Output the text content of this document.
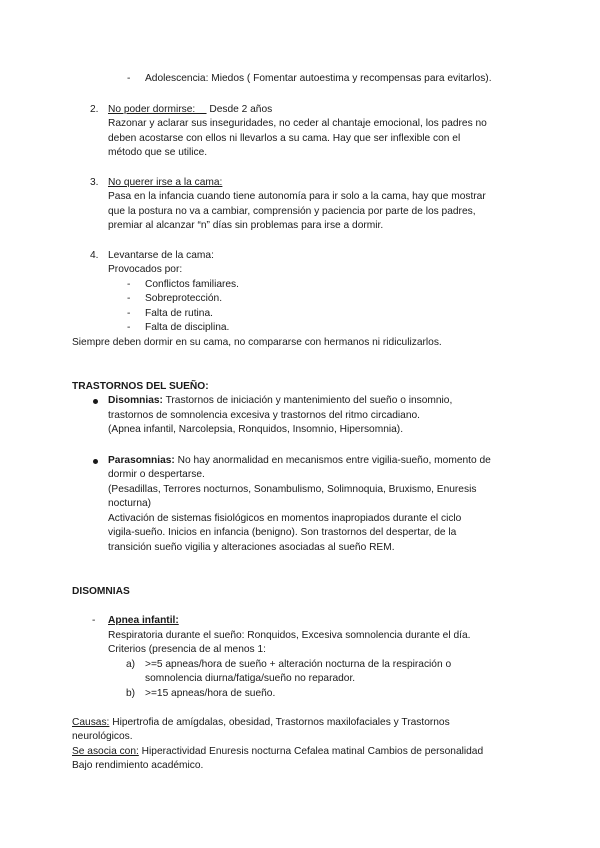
- Adolescencia: Miedos ( Fomentar autoestima y recompensas para evitarlos).
2. No poder dormirse:     Desde 2 años
Razonar y aclarar sus inseguridades, no ceder al chantaje emocional, los padres no
deben acostarse con ellos ni llevarlos a su cama. Hay que ser inflexible con el
método que se utilice.
3. No querer irse a la cama:
Pasa en la infancia cuando tiene autonomía para ir solo a la cama, hay que mostrar
que la postura no va a cambiar, comprensión y paciencia por parte de los padres,
premiar al alcanzar “n” días sin problemas para irse a dormir.
4. Levantarse de la cama:
Provocados por:
- Conflictos familiares.
- Sobreprotección.
- Falta de rutina.
- Falta de disciplina.
Siempre deben dormir en su cama, no compararse con hermanos ni ridiculizarlos.
TRASTORNOS DEL SUEÑO:
Disomnias: Trastornos de iniciación y mantenimiento del sueño o insomnio,
trastornos de somnolencia excesiva y trastornos del ritmo circadiano.
(Apnea infantil, Narcolepsia, Ronquidos, Insomnio, Hipersomnia).
Parasomnias: No hay anormalidad en mecanismos entre vigilia-sueño, momento de
dormir o despertarse.
(Pesadillas, Terrores nocturnos, Sonambulismo, Solimnoquia, Bruxismo, Enuresis
nocturna)
Activación de sistemas fisiológicos en momentos inapropiados durante el ciclo
vigila-sueño. Inicios en infancia (benigno). Son trastornos del despertar, de la
transición sueño vigilia y alteraciones asociadas al sueño REM.
DISOMNIAS
- Apnea infantil:
Respiratoria durante el sueño: Ronquidos, Excesiva somnolencia durante el día.
Criterios (presencia de al menos 1:
a) >=5 apneas/hora de sueño + alteración nocturna de la respiración o
somnolencia diurna/fatiga/sueño no reparador.
b) >=15 apneas/hora de sueño.
Causas: Hipertrofia de amígdalas, obesidad, Trastornos maxilofaciales y Trastornos
neurológicos.
Se asocia con: Hiperactividad Enuresis nocturna Cefalea matinal Cambios de personalidad
Bajo rendimiento académico.
